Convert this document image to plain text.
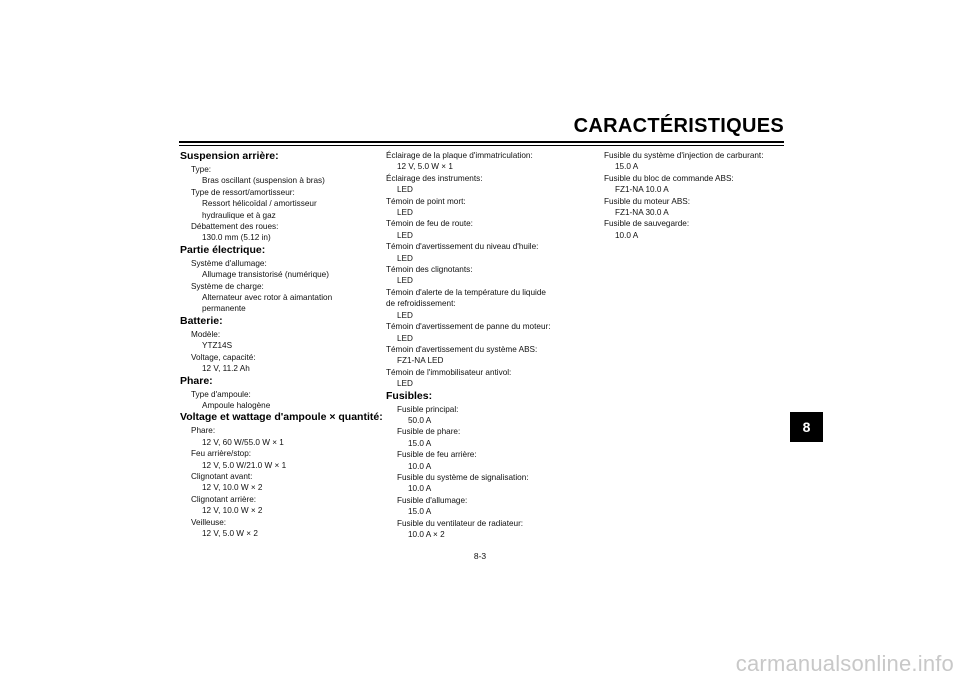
CARACTÉRISTIQUES
Suspension arrière:
Type:
Bras oscillant (suspension à bras)
Type de ressort/amortisseur:
Ressort hélicoïdal / amortisseur
hydraulique et à gaz
Débattement des roues:
130.0 mm (5.12 in)
Partie électrique:
Système d'allumage:
Allumage transistorisé (numérique)
Système de charge:
Alternateur avec rotor à aimantation
permanente
Batterie:
Modèle:
YTZ14S
Voltage, capacité:
12 V, 11.2 Ah
Phare:
Type d'ampoule:
Ampoule halogène
Voltage et wattage d'ampoule × quantité:
Phare:
12 V, 60 W/55.0 W × 1
Feu arrière/stop:
12 V, 5.0 W/21.0 W × 1
Clignotant avant:
12 V, 10.0 W × 2
Clignotant arrière:
12 V, 10.0 W × 2
Veilleuse:
12 V, 5.0 W × 2
Éclairage de la plaque d'immatriculation:
12 V, 5.0 W × 1
Éclairage des instruments:
LED
Témoin de point mort:
LED
Témoin de feu de route:
LED
Témoin d'avertissement du niveau d'huile:
LED
Témoin des clignotants:
LED
Témoin d'alerte de la température du liquide
de refroidissement:
LED
Témoin d'avertissement de panne du moteur:
LED
Témoin d'avertissement du système ABS:
FZ1-NA LED
Témoin de l'immobilisateur antivol:
LED
Fusibles:
Fusible principal:
50.0 A
Fusible de phare:
15.0 A
Fusible de feu arrière:
10.0 A
Fusible du système de signalisation:
10.0 A
Fusible d'allumage:
15.0 A
Fusible du ventilateur de radiateur:
10.0 A × 2
Fusible du système d'injection de carburant:
15.0 A
Fusible du bloc de commande ABS:
FZ1-NA 10.0 A
Fusible du moteur ABS:
FZ1-NA 30.0 A
Fusible de sauvegarde:
10.0 A
8
8-3
carmanualsonline.info
